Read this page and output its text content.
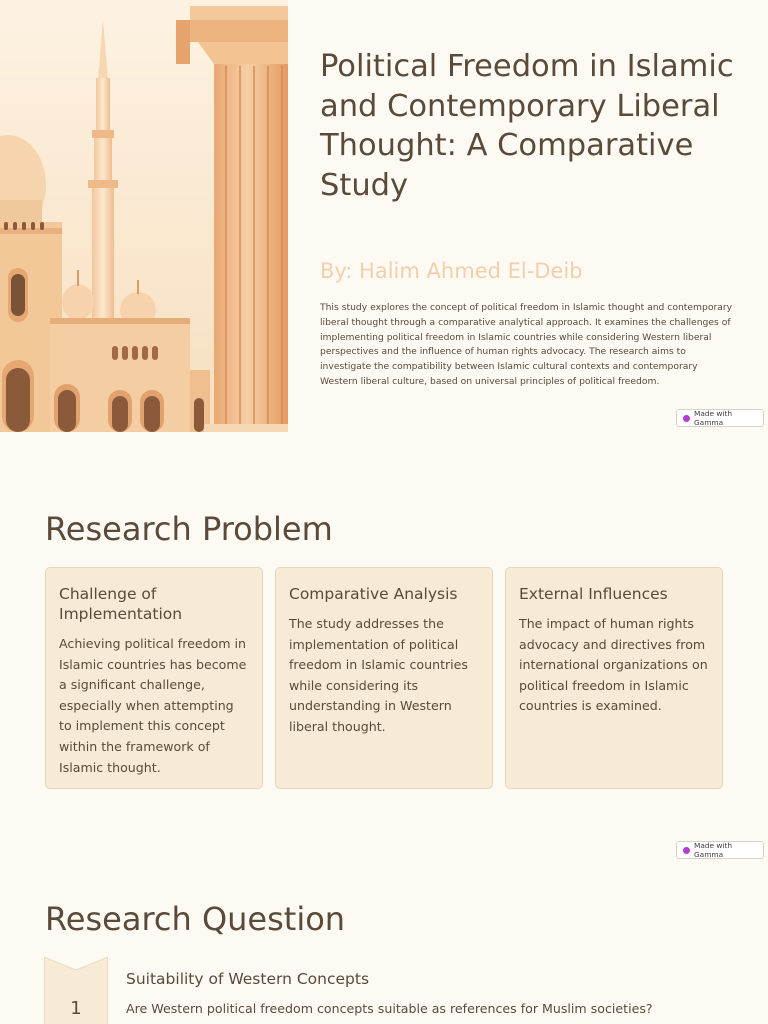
Political Freedom in Islamic and Contemporary Liberal Thought: A Comparative Study
By: Halim Ahmed El-Deib

This study explores the concept of political freedom in Islamic thought and contemporary liberal thought through a comparative analytical approach. It examines the challenges of implementing political freedom in Islamic countries while considering Western liberal perspectives and the influence of human rights advocacy. The research aims to investigate the compatibility between Islamic cultural contexts and contemporary Western liberal culture, based on universal principles of political freedom.

Made with Gamma
Research Problem
Challenge of Implementation
Achieving political freedom in Islamic countries has become a significant challenge, especially when attempting to implement this concept within the framework of Islamic thought.
Comparative Analysis
The study addresses the implementation of political freedom in Islamic countries while considering its understanding in Western liberal thought.
External Influences
The impact of human rights advocacy and directives from international organizations on political freedom in Islamic countries is examined.
Made with Gamma
Research Question
1
Suitability of Western Concepts
Are Western political freedom concepts suitable as references for Muslim societies?
